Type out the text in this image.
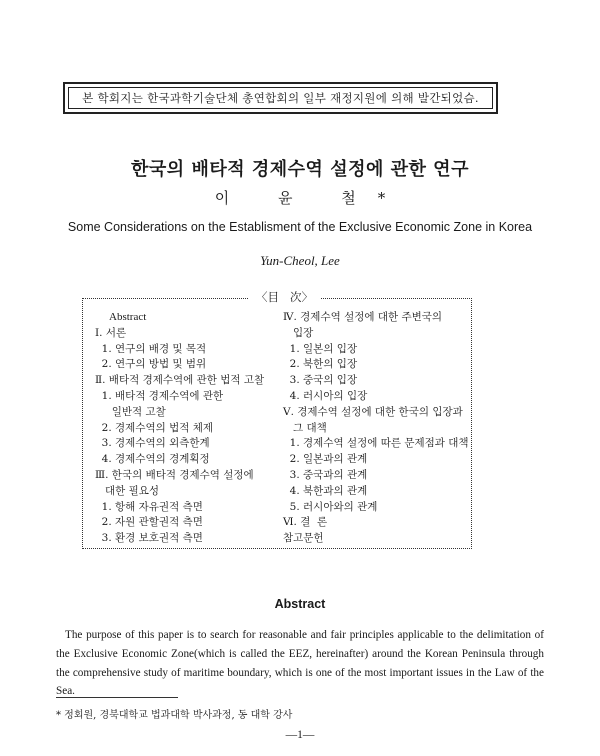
본 학회지는 한국과학기술단체 총연합회의 일부 재정지원에 의해 발간되었슴.
한국의 배타적 경제수역 설정에 관한 연구
이 윤 철*
Some Considerations on the Establisment of the Exclusive Economic Zone in Korea
Yun-Cheol, Lee
〈目   次〉
Abstract
Ⅰ. 서론
1. 연구의 배경 및 목적
2. 연구의 방법 및 범위
Ⅱ. 배타적 경제수역에 관한 법적 고찰
1. 배타적 경제수역에 관한
일반적 고찰
2. 경제수역의 법적 체제
3. 경제수역의 외측한계
4. 경제수역의 경계획정
Ⅲ. 한국의 배타적 경제수역 설정에
대한 필요성
1. 항해 자유권적 측면
2. 자원 관할권적 측면
3. 환경 보호권적 측면
Ⅳ. 경제수역 설정에 대한 주변국의
입장
1. 일본의 입장
2. 북한의 입장
3. 중국의 입장
4. 러시아의 입장
Ⅴ. 경제수역 설정에 대한 한국의 입장과
그 대책
1. 경제수역 설정에 따른 문제점과 대책
2. 일본과의 관계
3. 중국과의 관계
4. 북한과의 관계
5. 러시아와의 관계
Ⅵ. 결  론
참고문헌
Abstract
The purpose of this paper is to search for reasonable and fair principles applicable to the delimitation of the Exclusive Economic Zone(which is called the EEZ, hereinafter) around the Korean Peninsula through the comprehensive study of maritime boundary, which is one of the most important issues in the Law of the Sea.
* 정회원, 경북대학교 법과대학 박사과정, 동 대학 강사
—1—
